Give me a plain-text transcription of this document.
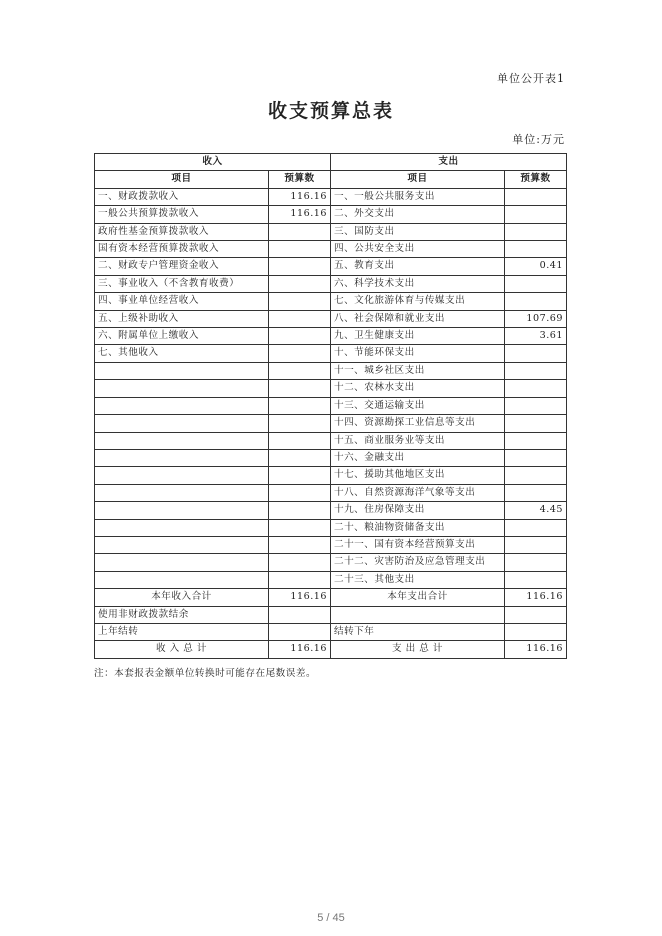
单位公开表1
收支预算总表
单位:万元
收入		支出	
项目	预算数	项目	预算数
一、财政拨款收入	116.16	一、一般公共服务支出	
一般公共预算拨款收入	116.16	二、外交支出	
政府性基金预算拨款收入		三、国防支出	
国有资本经营预算拨款收入		四、公共安全支出	
二、财政专户管理资金收入		五、教育支出	0.41
三、事业收入（不含教育收费）		六、科学技术支出	
四、事业单位经营收入		七、文化旅游体育与传媒支出	
五、上级补助收入		八、社会保障和就业支出	107.69
六、附属单位上缴收入		九、卫生健康支出	3.61
七、其他收入		十、节能环保支出	
		十一、城乡社区支出	
		十二、农林水支出	
		十三、交通运输支出	
		十四、资源勘探工业信息等支出	
		十五、商业服务业等支出	
		十六、金融支出	
		十七、援助其他地区支出	
		十八、自然资源海洋气象等支出	
		十九、住房保障支出	4.45
		二十、粮油物资储备支出	
		二十一、国有资本经营预算支出	
		二十二、灾害防治及应急管理支出	
		二十三、其他支出	
本年收入合计	116.16	本年支出合计	116.16
使用非财政拨款结余			
上年结转		结转下年	
收 入 总 计	116.16	支 出 总 计	116.16
注：本套报表金额单位转换时可能存在尾数误差。
5 / 45
